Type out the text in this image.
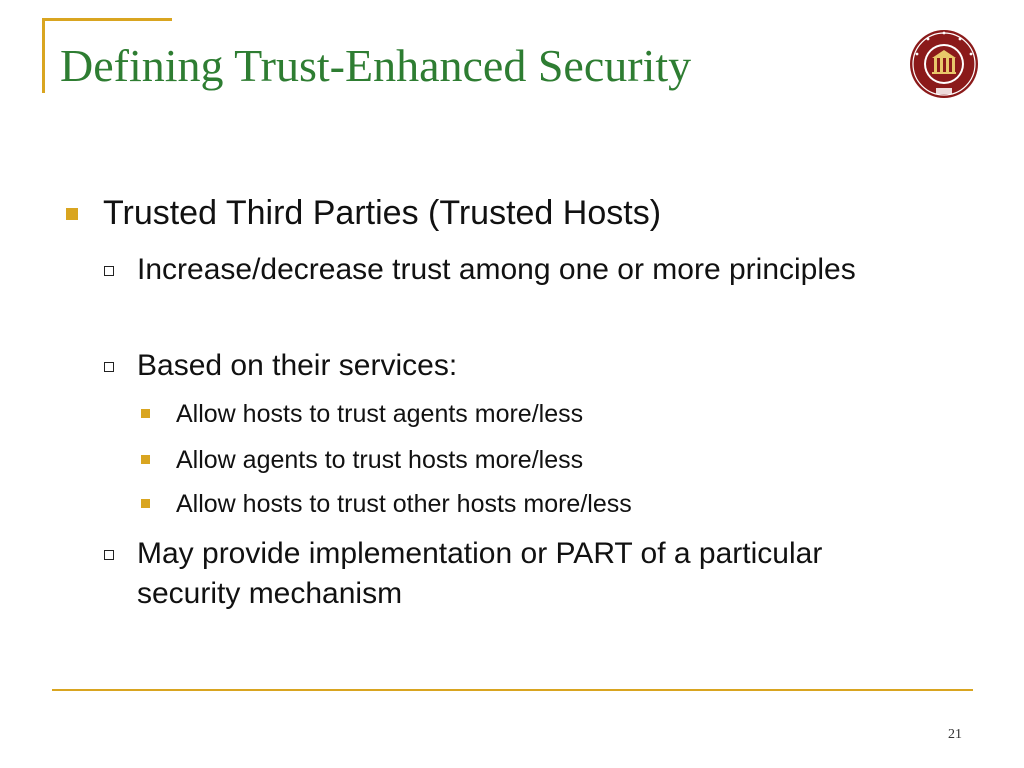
Defining Trust-Enhanced Security
Trusted Third Parties (Trusted Hosts)
Increase/decrease trust among one or more principles
Based on their services:
Allow hosts to trust agents more/less
Allow agents to trust hosts more/less
Allow hosts to trust other hosts more/less
May provide implementation or PART of a particular security mechanism
21
